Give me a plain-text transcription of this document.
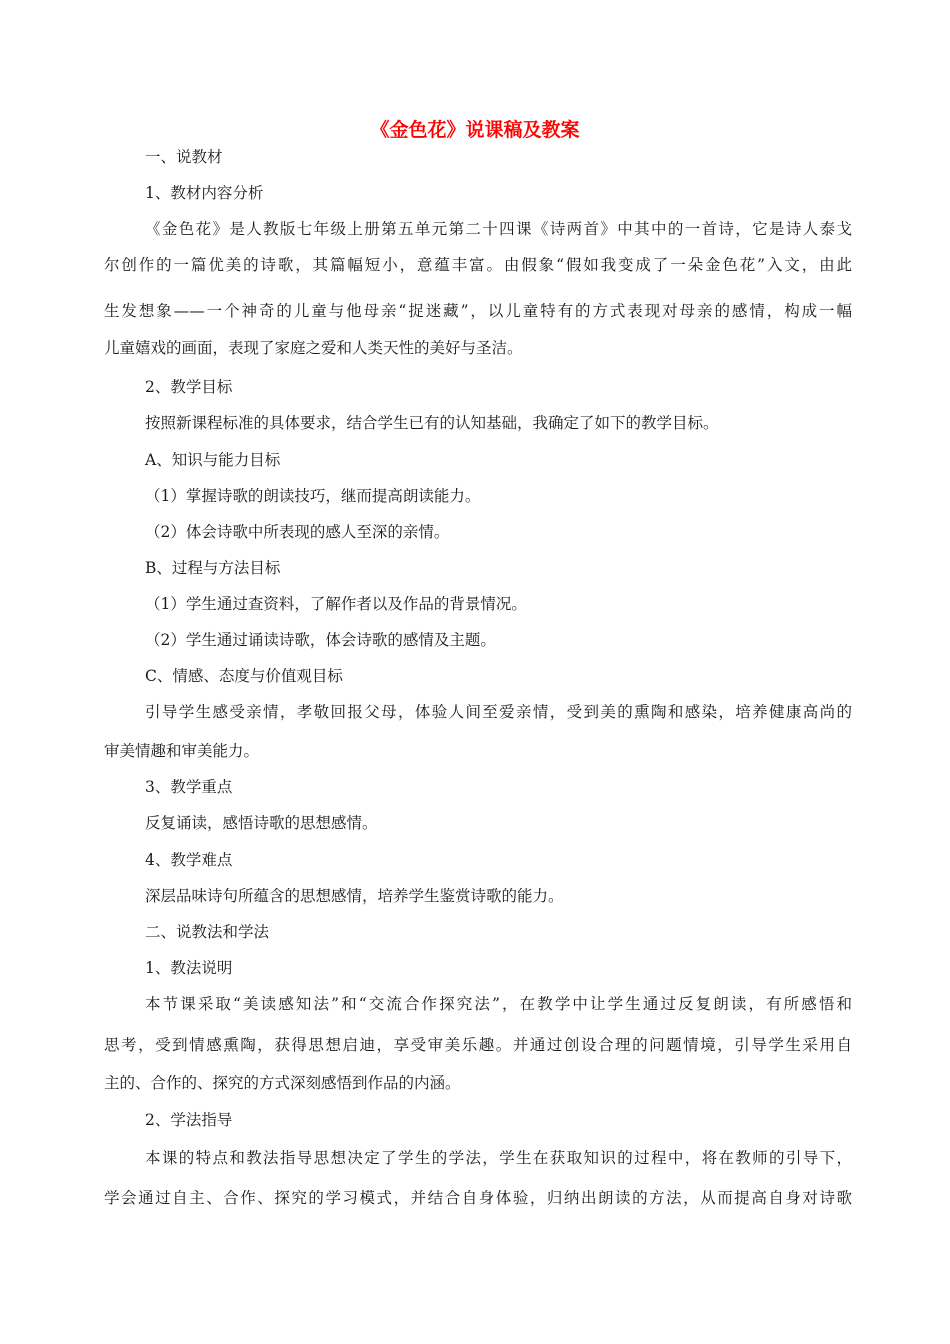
《金色花》说课稿及教案
一、说教材
1、教材内容分析
《金色花》是人教版七年级上册第五单元第二十四课《诗两首》中其中的一首诗，它是诗人泰戈
尔创作的一篇优美的诗歌，其篇幅短小，意蕴丰富。由假象“假如我变成了一朵金色花”入文，由此
生发想象——一个神奇的儿童与他母亲“捉迷藏”，以儿童特有的方式表现对母亲的感情，构成一幅
儿童嬉戏的画面，表现了家庭之爱和人类天性的美好与圣洁。
2、教学目标
按照新课程标准的具体要求，结合学生已有的认知基础，我确定了如下的教学目标。
A、知识与能力目标
（1）掌握诗歌的朗读技巧，继而提高朗读能力。
（2）体会诗歌中所表现的感人至深的亲情。
B、过程与方法目标
（1）学生通过查资料，了解作者以及作品的背景情况。
（2）学生通过诵读诗歌，体会诗歌的感情及主题。
C、情感、态度与价值观目标
引导学生感受亲情，孝敬回报父母，体验人间至爱亲情，受到美的熏陶和感染，培养健康高尚的
审美情趣和审美能力。
3、教学重点
反复诵读，感悟诗歌的思想感情。
4、教学难点
深层品味诗句所蕴含的思想感情，培养学生鉴赏诗歌的能力。
二、说教法和学法
1、教法说明
本节课采取“美读感知法”和“交流合作探究法”，在教学中让学生通过反复朗读，有所感悟和
思考，受到情感熏陶，获得思想启迪，享受审美乐趣。并通过创设合理的问题情境，引导学生采用自
主的、合作的、探究的方式深刻感悟到作品的内涵。
2、学法指导
本课的特点和教法指导思想决定了学生的学法，学生在获取知识的过程中，将在教师的引导下，
学会通过自主、合作、探究的学习模式，并结合自身体验，归纳出朗读的方法，从而提高自身对诗歌
